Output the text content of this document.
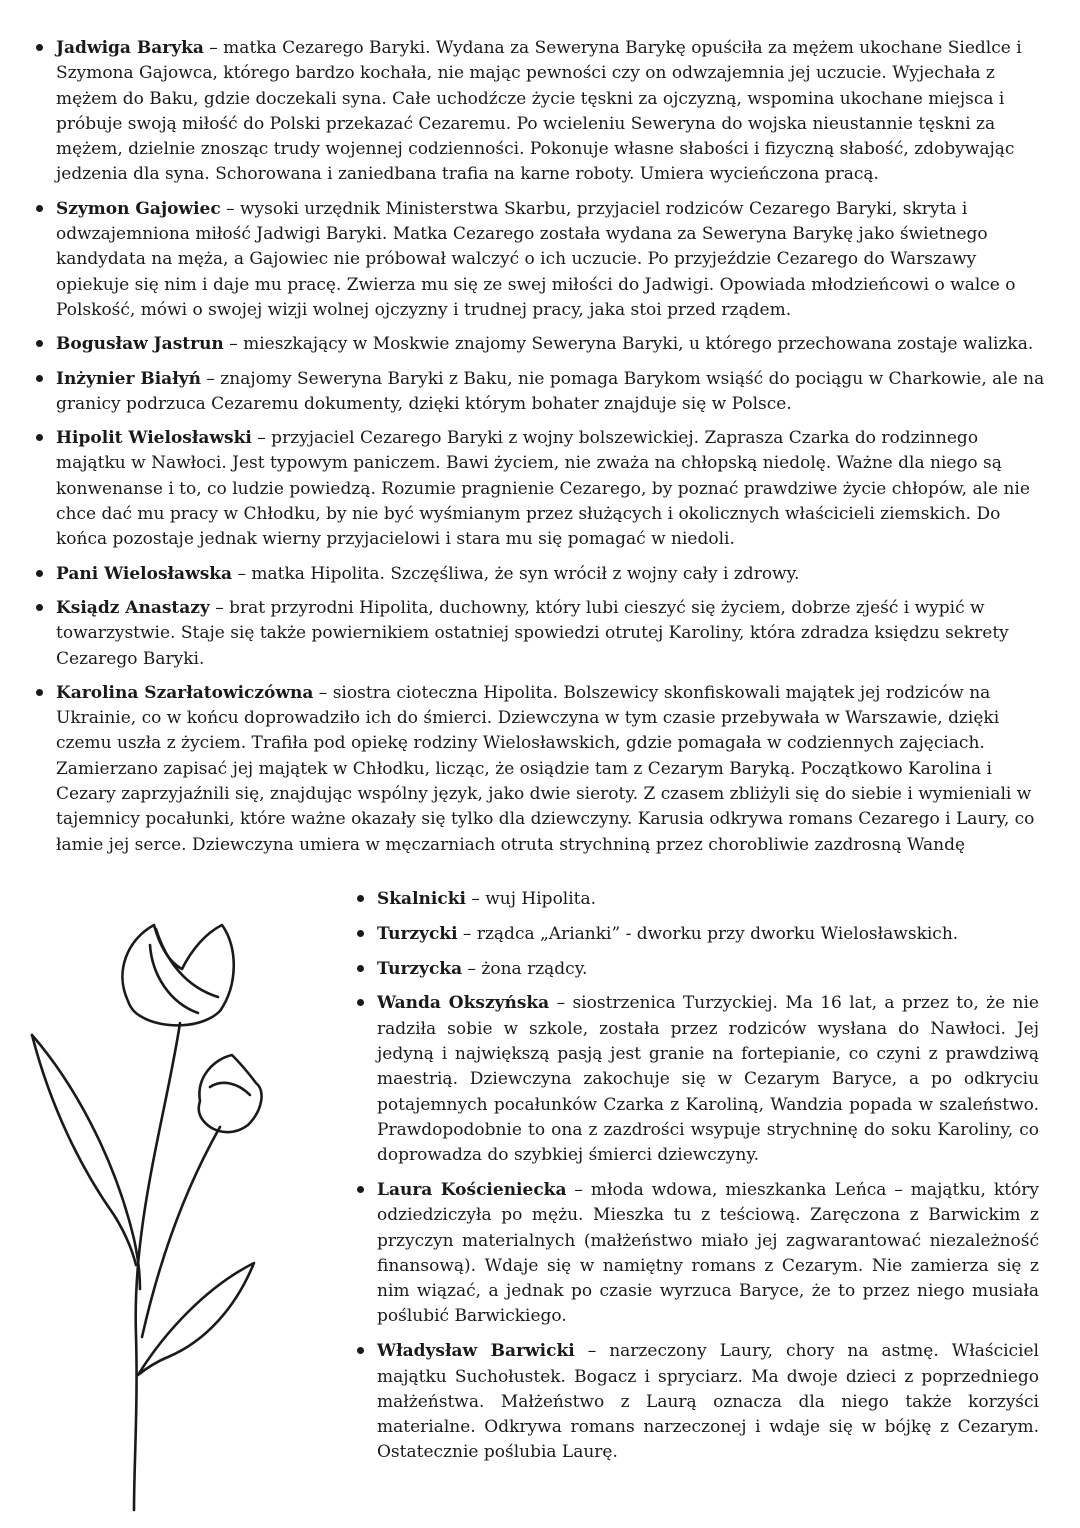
Jadwiga Baryka – matka Cezarego Baryki. Wydana za Seweryna Barykę opuściła za mężem ukochane Siedlce i Szymona Gajowca, którego bardzo kochała, nie mając pewności czy on odwzajemnia jej uczucie. Wyjechała z mężem do Baku, gdzie doczekali syna. Całe uchodźcze życie tęskni za ojczyzną, wspomina ukochane miejsca i próbuje swoją miłość do Polski przekazać Cezaremu. Po wcieleniu Seweryna do wojska nieustannie tęskni za mężem, dzielnie znosząc trudy wojennej codzienności. Pokonuje własne słabości i fizyczną słabość, zdobywając jedzenia dla syna. Schorowana i zaniedbana trafia na karne roboty. Umiera wycieńczona pracą.
Szymon Gajowiec – wysoki urzędnik Ministerstwa Skarbu, przyjaciel rodziców Cezarego Baryki, skryta i odwzajemniona miłość Jadwigi Baryki. Matka Cezarego została wydana za Seweryna Barykę jako świetnego kandydata na męża, a Gajowiec nie próbował walczyć o ich uczucie. Po przyjeździe Cezarego do Warszawy opiekuje się nim i daje mu pracę. Zwierza mu się ze swej miłości do Jadwigi. Opowiada młodzieńcowi o walce o Polskość, mówi o swojej wizji wolnej ojczyzny i trudnej pracy, jaka stoi przed rządem.
Bogusław Jastrun – mieszkający w Moskwie znajomy Seweryna Baryki, u którego przechowana zostaje walizka.
Inżynier Białyń – znajomy Seweryna Baryki z Baku, nie pomaga Barykom wsiąść do pociągu w Charkowie, ale na granicy podrzuca Cezaremu dokumenty, dzięki którym bohater znajduje się w Polsce.
Hipolit Wielosławski – przyjaciel Cezarego Baryki z wojny bolszewickiej. Zaprasza Czarka do rodzinnego majątku w Nawłoci. Jest typowym paniczem. Bawi życiem, nie zważa na chłopską niedolę. Ważne dla niego są konwenanse i to, co ludzie powiedzą. Rozumie pragnienie Cezarego, by poznać prawdziwe życie chłopów, ale nie chce dać mu pracy w Chłodku, by nie być wyśmianym przez służących i okolicznych właścicieli ziemskich. Do końca pozostaje jednak wierny przyjacielowi i stara mu się pomagać w niedoli.
Pani Wielosławska – matka Hipolita. Szczęśliwa, że syn wrócił z wojny cały i zdrowy.
Ksiądz Anastazy – brat przyrodni Hipolita, duchowny, który lubi cieszyć się życiem, dobrze zjeść i wypić w towarzystwie. Staje się także powiernikiem ostatniej spowiedzi otrutej Karoliny, która zdradza księdzu sekrety Cezarego Baryki.
Karolina Szarłatowiczówna – siostra cioteczna Hipolita. Bolszewicy skonfiskowali majątek jej rodziców na Ukrainie, co w końcu doprowadziło ich do śmierci. Dziewczyna w tym czasie przebywała w Warszawie, dzięki czemu uszła z życiem. Trafiła pod opiekę rodziny Wielosławskich, gdzie pomagała w codziennych zajęciach. Zamierzano zapisać jej majątek w Chłodku, licząc, że osiądzie tam z Cezarym Baryką. Początkowo Karolina i Cezary zaprzyjaźnili się, znajdując wspólny język, jako dwie sieroty. Z czasem zbliżyli się do siebie i wymieniali w tajemnicy pocałunki, które ważne okazały się tylko dla dziewczyny. Karusia odkrywa romans Cezarego i Laury, co łamie jej serce. Dziewczyna umiera w męczarniach otruta strychniną przez chorobliwie zazdrosną Wandę
Skalnicki – wuj Hipolita.
Turzycki – rządca „Arianki” - dworku przy dworku Wielosławskich.
Turzycka – żona rządcy.
Wanda Okszyńska – siostrzenica Turzyckiej. Ma 16 lat, a przez to, że nie radziła sobie w szkole, została przez rodziców wysłana do Nawłoci. Jej jedyną i największą pasją jest granie na fortepianie, co czyni z prawdziwą maestrią. Dziewczyna zakochuje się w Cezarym Baryce, a po odkryciu potajemnych pocałunków Czarka z Karoliną, Wandzia popada w szaleństwo. Prawdopodobnie to ona z zazdrości wsypuje strychninę do soku Karoliny, co doprowadza do szybkiej śmierci dziewczyny.
Laura Kościeniecka – młoda wdowa, mieszkanka Leńca – majątku, który odziedziczyła po mężu. Mieszka tu z teściową. Zaręczona z Barwickim z przyczyn materialnych (małżeństwo miało jej zagwarantować niezależność finansową). Wdaje się w namiętny romans z Cezarym. Nie zamierza się z nim wiązać, a jednak po czasie wyrzuca Baryce, że to przez niego musiała poślubić Barwickiego.
Władysław Barwicki – narzeczony Laury, chory na astmę. Właściciel majątku Suchołustek. Bogacz i spryciarz. Ma dwoje dzieci z poprzedniego małżeństwa. Małżeństwo z Laurą oznacza dla niego także korzyści materialne. Odkrywa romans narzeczonej i wdaje się w bójkę z Cezarym. Ostatecznie poślubia Laurę.
